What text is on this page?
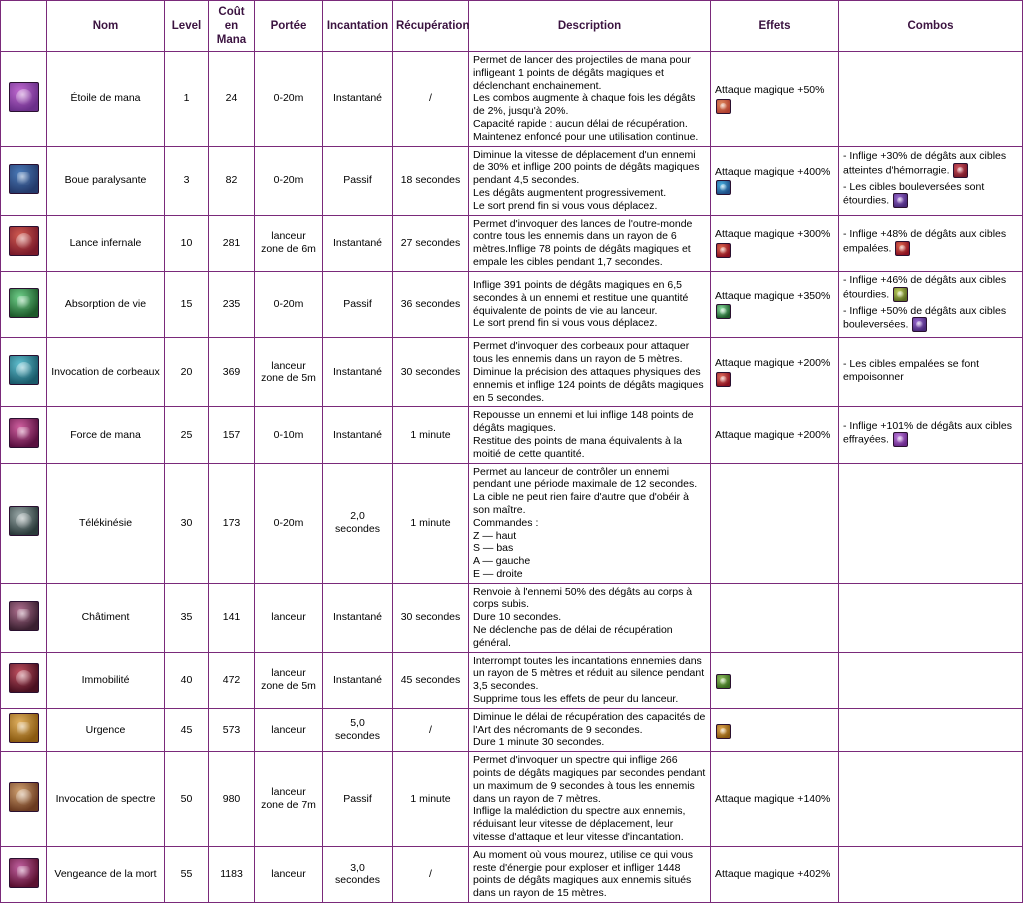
	Nom	Level	Coût
en
Mana	Portée	Incantation	Récupération	Description	Effets	Combos
	Étoile de mana	1	24	0-20m	Instantané	/	Permet de lancer des projectiles de mana pour infligeant 1 points de dégâts magiques et déclenchant enchainement.
Les combos augmente à chaque fois les dégâts de 2%, jusqu'à 20%.
Capacité rapide : aucun délai de récupération.
Maintenez enfoncé pour une utilisation continue.	Attaque magique +50%	

	Boue paralysante	3	82	0-20m	Passif	18 secondes	Diminue la vitesse de déplacement d'un ennemi de 30% et inflige 200 points de dégâts magiques pendant 4,5 secondes.
Les dégâts augmentent progressivement.
Le sort prend fin si vous vous déplacez.	Attaque magique +400%	- Inflige +30% de dégâts aux cibles atteintes d'hémorragie.
- Les cibles bouleversées sont étourdies.

	Lance infernale	10	281	lanceur zone de 6m	Instantané	27 secondes	Permet d'invoquer des lances de l'outre-monde contre tous les ennemis dans un rayon de 6 mètres.Inflige 78 points de dégâts magiques et empale les cibles pendant 1,7 secondes.	Attaque magique +300%	- Inflige +48% de dégâts aux cibles empalées.

	Absorption de vie	15	235	0-20m	Passif	36 secondes	Inflige 391 points de dégâts magiques en 6,5 secondes à un ennemi et restitue une quantité équivalente de points de vie au lanceur.
Le sort prend fin si vous vous déplacez.	Attaque magique +350%	- Inflige +46% de dégâts aux cibles étourdies.
- Inflige +50% de dégâts aux cibles bouleversées.

	Invocation de corbeaux	20	369	lanceur zone de 5m	Instantané	30 secondes	Permet d'invoquer des corbeaux pour attaquer tous les ennemis dans un rayon de 5 mètres.
Diminue la précision des attaques physiques des ennemis et inflige 124 points de dégâts magiques en 5 secondes.	Attaque magique +200%	- Les cibles empalées se font empoisonner

	Force de mana	25	157	0-10m	Instantané	1 minute	Repousse un ennemi et lui inflige 148 points de dégâts magiques.
Restitue des points de mana équivalents à la moitié de cette quantité.	Attaque magique +200%	- Inflige +101% de dégâts aux cibles effrayées.

	Télékinésie	30	173	0-20m	2,0 secondes	1 minute	
Permet au lanceur de contrôler un ennemi pendant une période maximale de 12 secondes.
La cible ne peut rien faire d'autre que d'obéir à son maître.
Commandes :
Z — haut
S — bas
A — gauche
E — droite

	Châtiment	35	141	lanceur	Instantané	30 secondes	Renvoie à l'ennemi 50% des dégâts au corps à corps subis.
Dure 10 secondes.
Ne déclenche pas de délai de récupération général.		

	Immobilité	40	472	lanceur zone de 5m	Instantané	45 secondes	Interrompt toutes les incantations ennemies dans un rayon de 5 mètres et réduit au silence pendant 3,5 secondes.
Supprime tous les effets de peur du lanceur.		

	Urgence	45	573	lanceur	5,0 secondes	/	Diminue le délai de récupération des capacités de l'Art des nécromants de 9 secondes.
Dure 1 minute 30 secondes.		

	Invocation de spectre	50	980	lanceur zone de 7m	Passif	1 minute	Permet d'invoquer un spectre qui inflige 266 points de dégâts magiques par secondes pendant un maximum de 9 secondes à tous les ennemis dans un rayon de 7 mètres.
Inflige la malédiction du spectre aux ennemis, réduisant leur vitesse de déplacement, leur vitesse d'attaque et leur vitesse d'incantation.	Attaque magique +140%	

	Vengeance de la mort	55	1183	lanceur	3,0 secondes	/	Au moment où vous mourez, utilise ce qui vous reste d'énergie pour exploser et infliger 1448 points de dégâts magiques aux ennemis situés dans un rayon de 15 mètres.	Attaque magique +402%	
